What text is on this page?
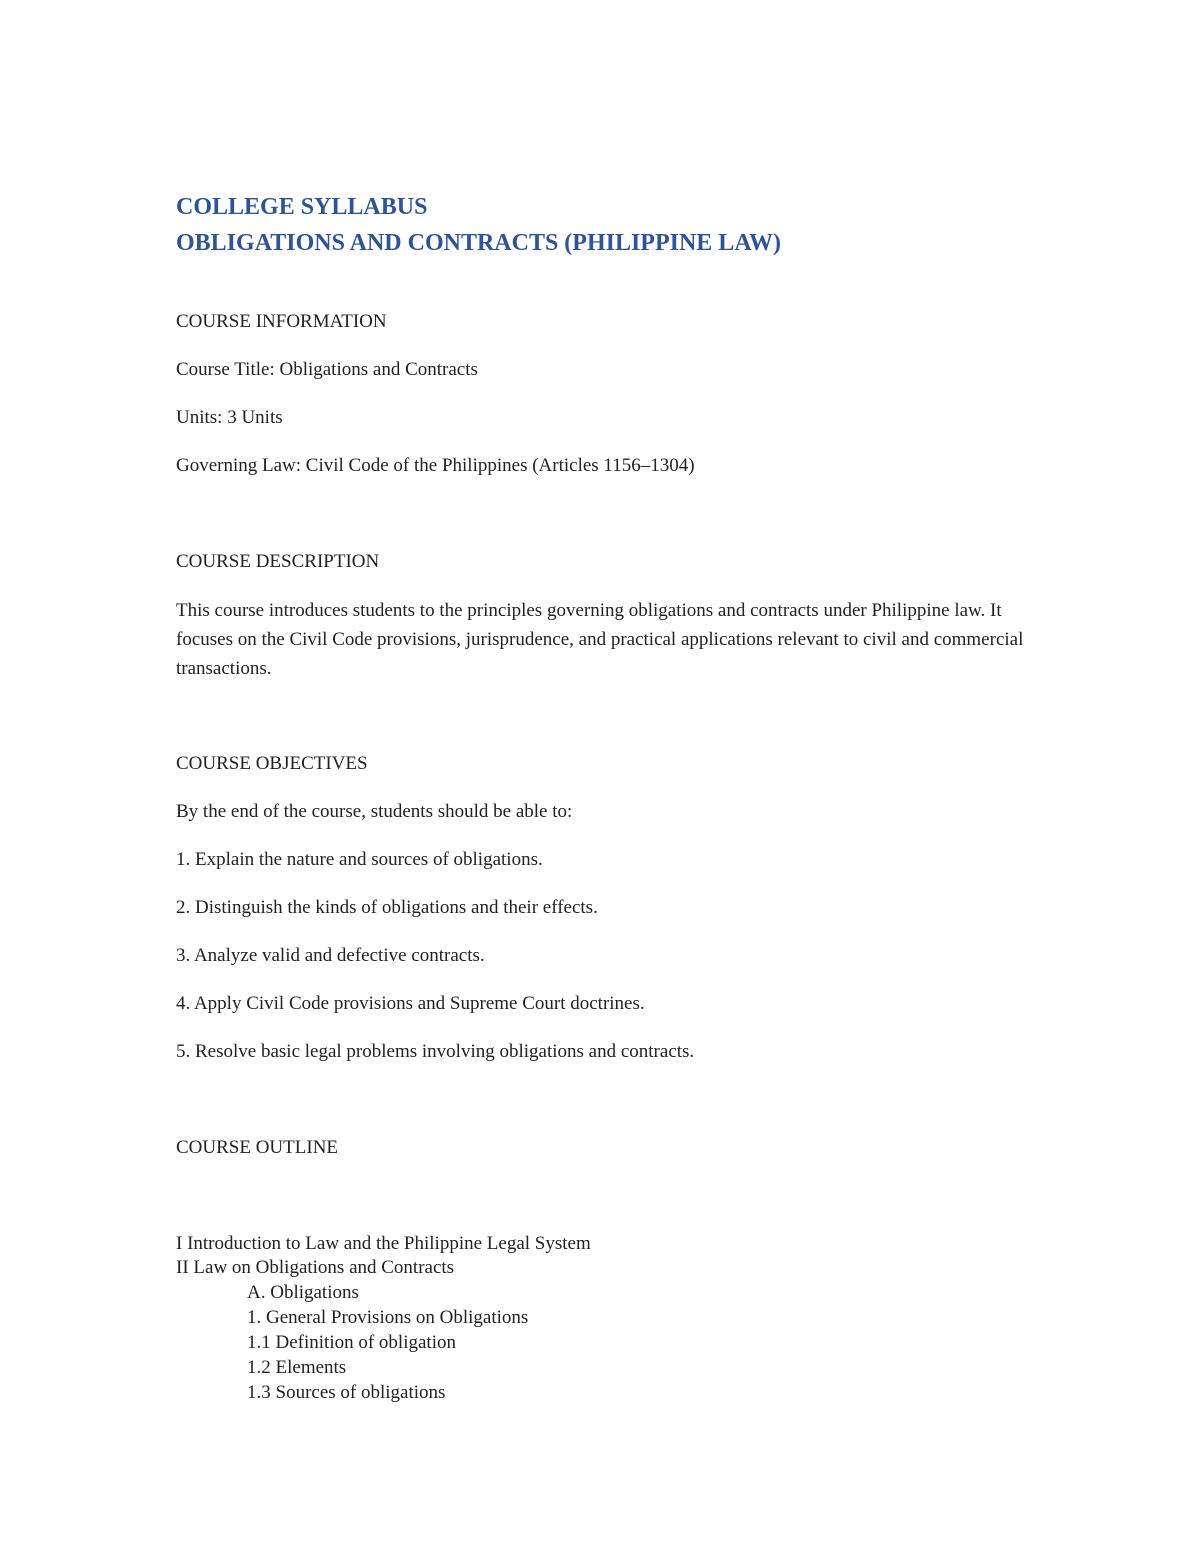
COLLEGE SYLLABUS

OBLIGATIONS AND CONTRACTS (PHILIPPINE LAW)

COURSE INFORMATION

Course Title: Obligations and Contracts

Units: 3 Units

Governing Law: Civil Code of the Philippines (Articles 1156–1304)

COURSE DESCRIPTION

This course introduces students to the principles governing obligations and contracts under Philippine law. It focuses on the Civil Code provisions, jurisprudence, and practical applications relevant to civil and commercial transactions.

COURSE OBJECTIVES

By the end of the course, students should be able to:

1. Explain the nature and sources of obligations.

2. Distinguish the kinds of obligations and their effects.

3. Analyze valid and defective contracts.

4. Apply Civil Code provisions and Supreme Court doctrines.

5. Resolve basic legal problems involving obligations and contracts.

COURSE OUTLINE

I Introduction to Law and the Philippine Legal System

II Law on Obligations and Contracts

A. Obligations

1. General Provisions on Obligations

1.1 Definition of obligation

1.2 Elements

1.3 Sources of obligations
